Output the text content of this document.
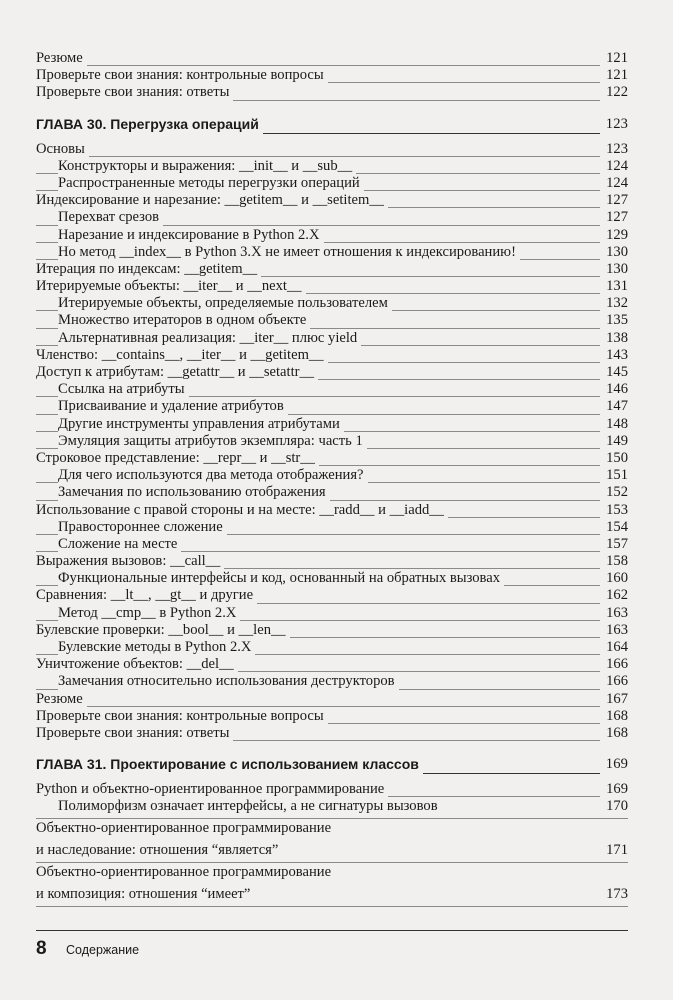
Резюме	121
Проверьте свои знания: контрольные вопросы	121
Проверьте свои знания: ответы	122
ГЛАВА 30. Перегрузка операций	123
Основы	123
Конструкторы и выражения: __init__ и __sub__	124
Распространенные методы перегрузки операций	124
Индексирование и нарезание: __getitem__ и __setitem__	127
Перехват срезов	127
Нарезание и индексирование в Python 2.X	129
Но метод __index__ в Python 3.X не имеет отношения к индексированию!	130
Итерация по индексам: __getitem__	130
Итерируемые объекты: __iter__ и __next__	131
Итерируемые объекты, определяемые пользователем	132
Множество итераторов в одном объекте	135
Альтернативная реализация: __iter__ плюс yield	138
Членство: __contains__, __iter__ и __getitem__	143
Доступ к атрибутам: __getattr__ и __setattr__	145
Ссылка на атрибуты	146
Присваивание и удаление атрибутов	147
Другие инструменты управления атрибутами	148
Эмуляция защиты атрибутов экземпляра: часть 1	149
Строковое представление: __repr__ и __str__	150
Для чего используются два метода отображения?	151
Замечания по использованию отображения	152
Использование с правой стороны и на месте: __radd__ и __iadd__	153
Правостороннее сложение	154
Сложение на месте	157
Выражения вызовов: __call__	158
Функциональные интерфейсы и код, основанный на обратных вызовах	160
Сравнения: __lt__, __gt__ и другие	162
Метод __cmp__ в Python 2.X	163
Булевские проверки: __bool__ и __len__	163
Булевские методы в Python 2.X	164
Уничтожение объектов: __del__	166
Замечания относительно использования деструкторов	166
Резюме	167
Проверьте свои знания: контрольные вопросы	168
Проверьте свои знания: ответы	168
ГЛАВА 31. Проектирование с использованием классов	169
Python и объектно-ориентированное программирование	169
Полиморфизм означает интерфейсы, а не сигнатуры вызовов	170
Объектно-ориентированное программирование
и наследование: отношения “является”	171
Объектно-ориентированное программирование
и композиция: отношения “имеет”	173
8 Содержание
